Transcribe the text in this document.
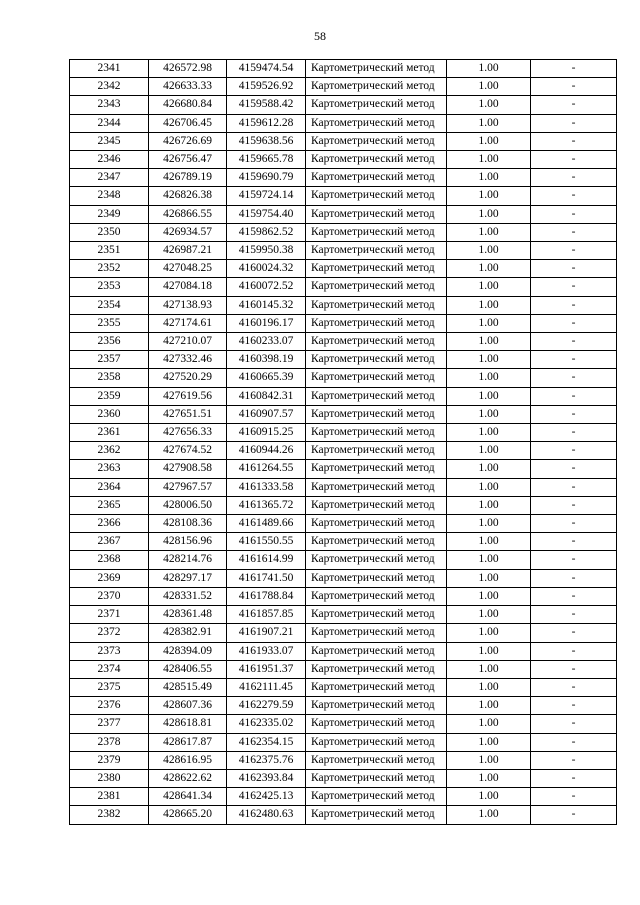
58
2341	426572.98	4159474.54	Картометрический метод	1.00	-
2342	426633.33	4159526.92	Картометрический метод	1.00	-
2343	426680.84	4159588.42	Картометрический метод	1.00	-
2344	426706.45	4159612.28	Картометрический метод	1.00	-
2345	426726.69	4159638.56	Картометрический метод	1.00	-
2346	426756.47	4159665.78	Картометрический метод	1.00	-
2347	426789.19	4159690.79	Картометрический метод	1.00	-
2348	426826.38	4159724.14	Картометрический метод	1.00	-
2349	426866.55	4159754.40	Картометрический метод	1.00	-
2350	426934.57	4159862.52	Картометрический метод	1.00	-
2351	426987.21	4159950.38	Картометрический метод	1.00	-
2352	427048.25	4160024.32	Картометрический метод	1.00	-
2353	427084.18	4160072.52	Картометрический метод	1.00	-
2354	427138.93	4160145.32	Картометрический метод	1.00	-
2355	427174.61	4160196.17	Картометрический метод	1.00	-
2356	427210.07	4160233.07	Картометрический метод	1.00	-
2357	427332.46	4160398.19	Картометрический метод	1.00	-
2358	427520.29	4160665.39	Картометрический метод	1.00	-
2359	427619.56	4160842.31	Картометрический метод	1.00	-
2360	427651.51	4160907.57	Картометрический метод	1.00	-
2361	427656.33	4160915.25	Картометрический метод	1.00	-
2362	427674.52	4160944.26	Картометрический метод	1.00	-
2363	427908.58	4161264.55	Картометрический метод	1.00	-
2364	427967.57	4161333.58	Картометрический метод	1.00	-
2365	428006.50	4161365.72	Картометрический метод	1.00	-
2366	428108.36	4161489.66	Картометрический метод	1.00	-
2367	428156.96	4161550.55	Картометрический метод	1.00	-
2368	428214.76	4161614.99	Картометрический метод	1.00	-
2369	428297.17	4161741.50	Картометрический метод	1.00	-
2370	428331.52	4161788.84	Картометрический метод	1.00	-
2371	428361.48	4161857.85	Картометрический метод	1.00	-
2372	428382.91	4161907.21	Картометрический метод	1.00	-
2373	428394.09	4161933.07	Картометрический метод	1.00	-
2374	428406.55	4161951.37	Картометрический метод	1.00	-
2375	428515.49	4162111.45	Картометрический метод	1.00	-
2376	428607.36	4162279.59	Картометрический метод	1.00	-
2377	428618.81	4162335.02	Картометрический метод	1.00	-
2378	428617.87	4162354.15	Картометрический метод	1.00	-
2379	428616.95	4162375.76	Картометрический метод	1.00	-
2380	428622.62	4162393.84	Картометрический метод	1.00	-
2381	428641.34	4162425.13	Картометрический метод	1.00	-
2382	428665.20	4162480.63	Картометрический метод	1.00	-
